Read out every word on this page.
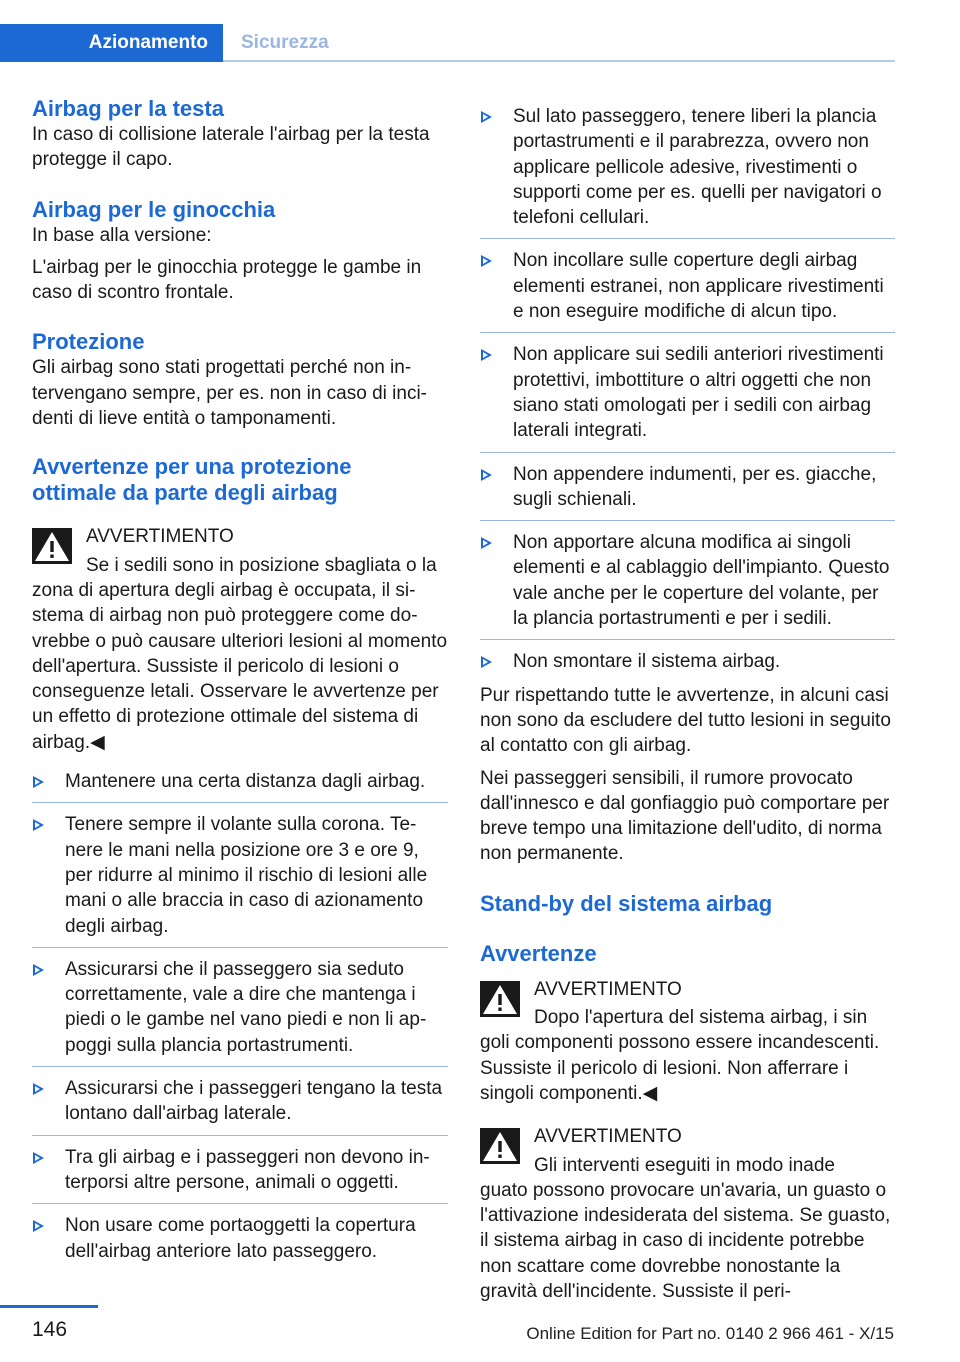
Azionamento	Sicurezza
Airbag per la testa

In caso di collisione laterale l'airbag per la testa protegge il capo.

Airbag per le ginocchia

In base alla versione:

L'airbag per le ginocchia protegge le gambe in caso di scontro frontale.

Protezione

Gli airbag sono stati progettati perché non intervengano sempre, per es. non in caso di incidenti di lieve entità o tamponamenti.

Avvertenze per una protezione
ottimale da parte degli airbag
AVVERTIMENTO
Se i sedili sono in posizione sbagliata o la

zona di apertura degli airbag è occupata, il sistema di airbag non può proteggere come dovrebbe o può causare ulteriori lesioni al momento dell'apertura. Sussiste il pericolo di lesioni o conseguenze letali. Osservare le avvertenze per un effetto di protezione ottimale del sistema di airbag.◀

Mantenere una certa distanza dagli airbag.
Tenere sempre il volante sulla corona. Tenere le mani nella posizione ore 3 e ore 9, per ridurre al minimo il rischio di lesioni alle mani o alle braccia in caso di azionamento degli airbag.
Assicurarsi che il passeggero sia seduto correttamente, vale a dire che mantenga i piedi o le gambe nel vano piedi e non li appoggi sulla plancia portastrumenti.
Assicurarsi che i passeggeri tengano la testa lontano dall'airbag laterale.
Tra gli airbag e i passeggeri non devono interporsi altre persone, animali o oggetti.
Non usare come portaoggetti la copertura dell'airbag anteriore lato passeggero.
Sul lato passeggero, tenere liberi la plancia portastrumenti e il parabrezza, ovvero non applicare pellicole adesive, rivestimenti o supporti come per es. quelli per navigatori o telefoni cellulari.
Non incollare sulle coperture degli airbag elementi estranei, non applicare rivestimenti e non eseguire modifiche di alcun tipo.
Non applicare sui sedili anteriori rivestimenti protettivi, imbottiture o altri oggetti che non siano stati omologati per i sedili con airbag laterali integrati.
Non appendere indumenti, per es. giacche, sugli schienali.
Non apportare alcuna modifica ai singoli elementi e al cablaggio dell'impianto. Questo vale anche per le coperture del volante, per la plancia portastrumenti e per i sedili.
Non smontare il sistema airbag.

Pur rispettando tutte le avvertenze, in alcuni casi non sono da escludere del tutto lesioni in seguito al contatto con gli airbag.

Nei passeggeri sensibili, il rumore provocato dall'innesco e dal gonfiaggio può comportare per breve tempo una limitazione dell'udito, di norma non permanente.

Stand-by del sistema airbag
Avvertenze
AVVERTIMENTO
Dopo l'apertura del sistema airbag, i sin

goli componenti possono essere incandescenti. Sussiste il pericolo di lesioni. Non afferrare i singoli componenti.◀

AVVERTIMENTO
Gli interventi eseguiti in modo inade

guato possono provocare un'avaria, un guasto o l'attivazione indesiderata del sistema. Se guasto, il sistema airbag in caso di incidente potrebbe non scattare come dovrebbe nonostante la gravità dell'incidente. Sussiste il peri-

146	Online Edition for Part no. 0140 2 966 461 - X/15
